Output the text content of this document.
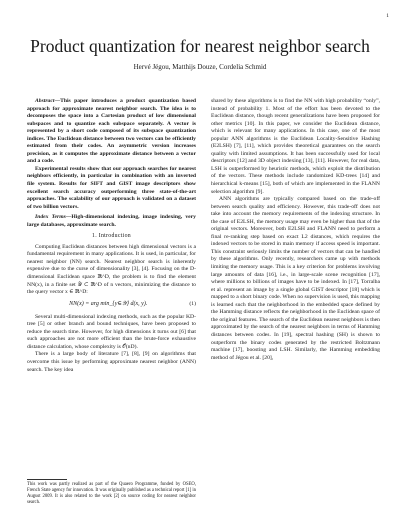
1
Product quantization for nearest neighbor search
Hervé Jégou, Matthijs Douze, Cordelia Schmid

Abstract—This paper introduces a product quantization based approach for approximate nearest neighbor search. The idea is to decomposes the space into a Cartesian product of low dimensional subspaces and to quantize each subspace separately. A vector is represented by a short code composed of its subspace quantization indices. The Euclidean distance between two vectors can be efficiently estimated from their codes. An asymmetric version increases precision, as it computes the approximate distance between a vector and a code.

Experimental results show that our approach searches for nearest neighbors efficiently, in particular in combination with an inverted file system. Results for SIFT and GIST image descriptors show excellent search accuracy outperforming three state-of-the-art approaches. The scalability of our approach is validated on a dataset of two billion vectors.

Index Terms—High-dimensional indexing, image indexing, very large databases, approximate search.

1. Introduction

Computing Euclidean distances between high dimensional vectors is a fundamental requirement in many applications. It is used, in particular, for nearest neighbor (NN) search. Nearest neighbor search is inherently expensive due to the curse of dimensionality [3], [4]. Focusing on the D-dimensional Euclidean space ℝ^D, the problem is to find the element NN(x), in a finite set 𝒴 ⊂ ℝ^D of n vectors, minimizing the distance to the query vector x ∈ ℝ^D:

NN(x) = arg min_{y∈𝒴} d(x, y).	(1)

Several multi-dimensional indexing methods, such as the popular KD-tree [5] or other branch and bound techniques, have been proposed to reduce the search time. However, for high dimensions it turns out [6] that such approaches are not more efficient than the brute-force exhaustive distance calculation, whose complexity is 𝒪(nD).

There is a large body of literature [7], [8], [9] on algorithms that overcome this issue by performing approximate nearest neighbor (ANN) search. The key idea

This work was partly realized as part of the Quaero Programme, funded by OSEO, French State agency for innovation. It was originally published as a technical report [1] in August 2009. It is also related to the work [2] on source coding for nearest neighbor search.

shared by these algorithms is to find the NN with high probability “only”, instead of probability 1. Most of the effort has been devoted to the Euclidean distance, though recent generalizations have been proposed for other metrics [10]. In this paper, we consider the Euclidean distance, which is relevant for many applications. In this case, one of the most popular ANN algorithms is the Euclidean Locality-Sensitive Hashing (E2LSH) [7], [11], which provides theoretical guarantees on the search quality with limited assumptions. It has been successfully used for local descriptors [12] and 3D object indexing [13], [11]. However, for real data, LSH is outperformed by heuristic methods, which exploit the distribution of the vectors. These methods include randomized KD-trees [14] and hierarchical k-means [15], both of which are implemented in the FLANN selection algorithm [9].

ANN algorithms are typically compared based on the trade-off between search quality and efficiency. However, this trade-off does not take into account the memory requirements of the indexing structure. In the case of E2LSH, the memory usage may even be higher than that of the original vectors. Moreover, both E2LSH and FLANN need to perform a final re-ranking step based on exact L2 distances, which requires the indexed vectors to be stored in main memory if access speed is important. This constraint seriously limits the number of vectors that can be handled by these algorithms. Only recently, researchers came up with methods limiting the memory usage. This is a key criterion for problems involving large amounts of data [16], i.e., in large-scale scene recognition [17], where millions to billions of images have to be indexed. In [17], Torralba et al. represent an image by a single global GIST descriptor [18] which is mapped to a short binary code. When no supervision is used, this mapping is learned such that the neighborhood in the embedded space defined by the Hamming distance reflects the neighborhood in the Euclidean space of the original features. The search of the Euclidean nearest neighbors is then approximated by the search of the nearest neighbors in terms of Hamming distances between codes. In [19], spectral hashing (SH) is shown to outperform the binary codes generated by the restricted Boltzmann machine [17], boosting and LSH. Similarly, the Hamming embedding method of Jégou et al. [20],
